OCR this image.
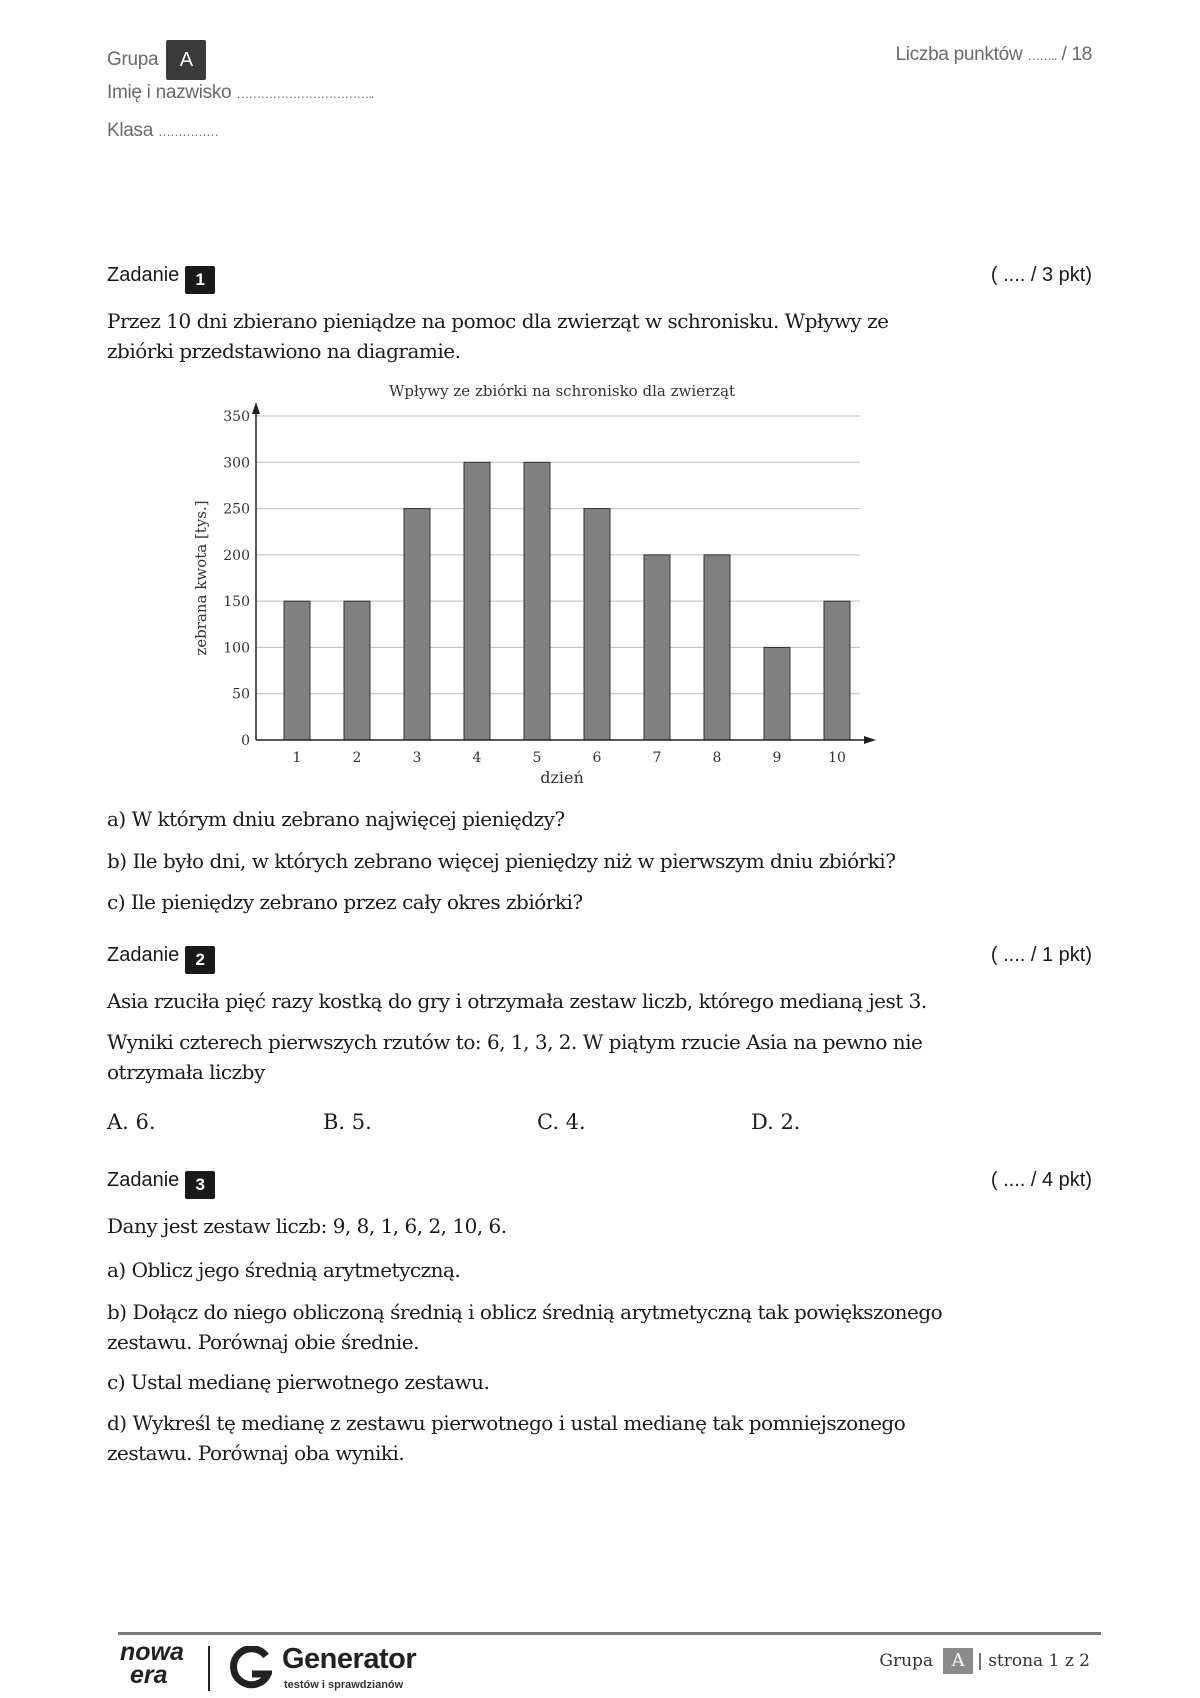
Grupa A
Imię i nazwisko ……………………………..
Klasa ……………
Liczba punktów …….. / 18
Zadanie 1	( .... / 3 pkt)
Przez 10 dni zbierano pieniądze na pomoc dla zwierząt w schronisku. Wpływy ze
zbiórki przedstawiono na diagramie.
Wpływy ze zbiórki na schronisko dla zwierząt
0
50
100
150
200
250
300
350
1	2	3	4	5	6	7	8	9	10
dzień
zebrana kwota [tys.]
a) W którym dniu zebrano najwięcej pieniędzy?
b) Ile było dni, w których zebrano więcej pieniędzy niż w pierwszym dniu zbiórki?
c) Ile pieniędzy zebrano przez cały okres zbiórki?
Zadanie 2	( .... / 1 pkt)
Asia rzuciła pięć razy kostką do gry i otrzymała zestaw liczb, którego medianą jest 3.
Wyniki czterech pierwszych rzutów to: 6, 1, 3, 2. W piątym rzucie Asia na pewno nie
otrzymała liczby
A. 6.	B. 5.	C. 4.	D. 2.
Zadanie 3	( .... / 4 pkt)
Dany jest zestaw liczb: 9, 8, 1, 6, 2, 10, 6.
a) Oblicz jego średnią arytmetyczną.
b) Dołącz do niego obliczoną średnią i oblicz średnią arytmetyczną tak powiększonego
zestawu. Porównaj obie średnie.
c) Ustal medianę pierwotnego zestawu.
d) Wykreśl tę medianę z zestawu pierwotnego i ustal medianę tak pomniejszonego
zestawu. Porównaj oba wyniki.
nowa
era	Generator
testów i sprawdzianów
Grupa A | strona 1 z 2
